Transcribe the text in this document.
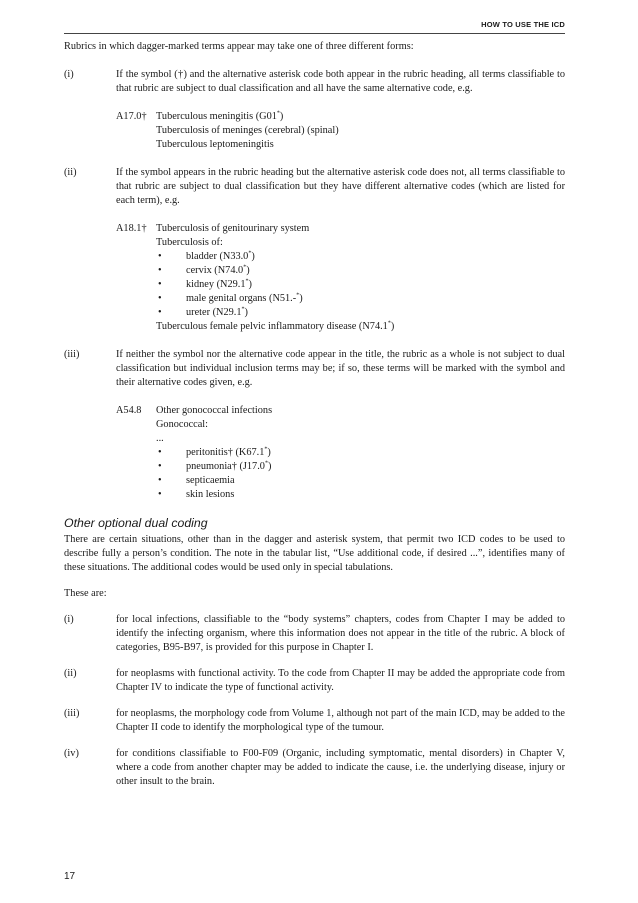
HOW TO USE THE ICD

Rubrics in which dagger-marked terms appear may take one of three different forms:

(i)	If the symbol (†) and the alternative asterisk code both appear in the rubric heading, all terms classifiable to that rubric are subject to dual classification and all have the same alternative code, e.g.
A17.0† Tuberculous meningitis (G01*)
Tuberculosis of meninges (cerebral) (spinal)
Tuberculous leptomeningitis
(ii)	If the symbol appears in the rubric heading but the alternative asterisk code does not, all terms classifiable to that rubric are subject to dual classification but they have different alternative codes (which are listed for each term), e.g.
A18.1† Tuberculosis of genitourinary system
Tuberculosis of:
•	bladder (N33.0*)
•	cervix (N74.0*)
•	kidney (N29.1*)
•	male genital organs (N51.-*)
•	ureter (N29.1*)
Tuberculous female pelvic inflammatory disease (N74.1*)
(iii)	If neither the symbol nor the alternative code appear in the title, the rubric as a whole is not subject to dual classification but individual inclusion terms may be; if so, these terms will be marked with the symbol and their alternative codes given, e.g.
A54.8	Other gonococcal infections
Gonococcal:
...
•	peritonitis† (K67.1*)
•	pneumonia† (J17.0*)
•	septicaemia
•	skin lesions
Other optional dual coding

There are certain situations, other than in the dagger and asterisk system, that permit two ICD codes to be used to describe fully a person’s condition. The note in the tabular list, “Use additional code, if desired ...”, identifies many of these situations. The additional codes would be used only in special tabulations.

These are:

(i)	for local infections, classifiable to the “body systems” chapters, codes from Chapter I may be added to identify the infecting organism, where this information does not appear in the title of the rubric. A block of categories, B95-B97, is provided for this purpose in Chapter I.
(ii)	for neoplasms with functional activity. To the code from Chapter II may be added the appropriate code from Chapter IV to indicate the type of functional activity.
(iii)	for neoplasms, the morphology code from Volume 1, although not part of the main ICD, may be added to the Chapter II code to identify the morphological type of the tumour.
(iv)	for conditions classifiable to F00-F09 (Organic, including symptomatic, mental disorders) in Chapter V, where a code from another chapter may be added to indicate the cause, i.e. the underlying disease, injury or other insult to the brain.
17
